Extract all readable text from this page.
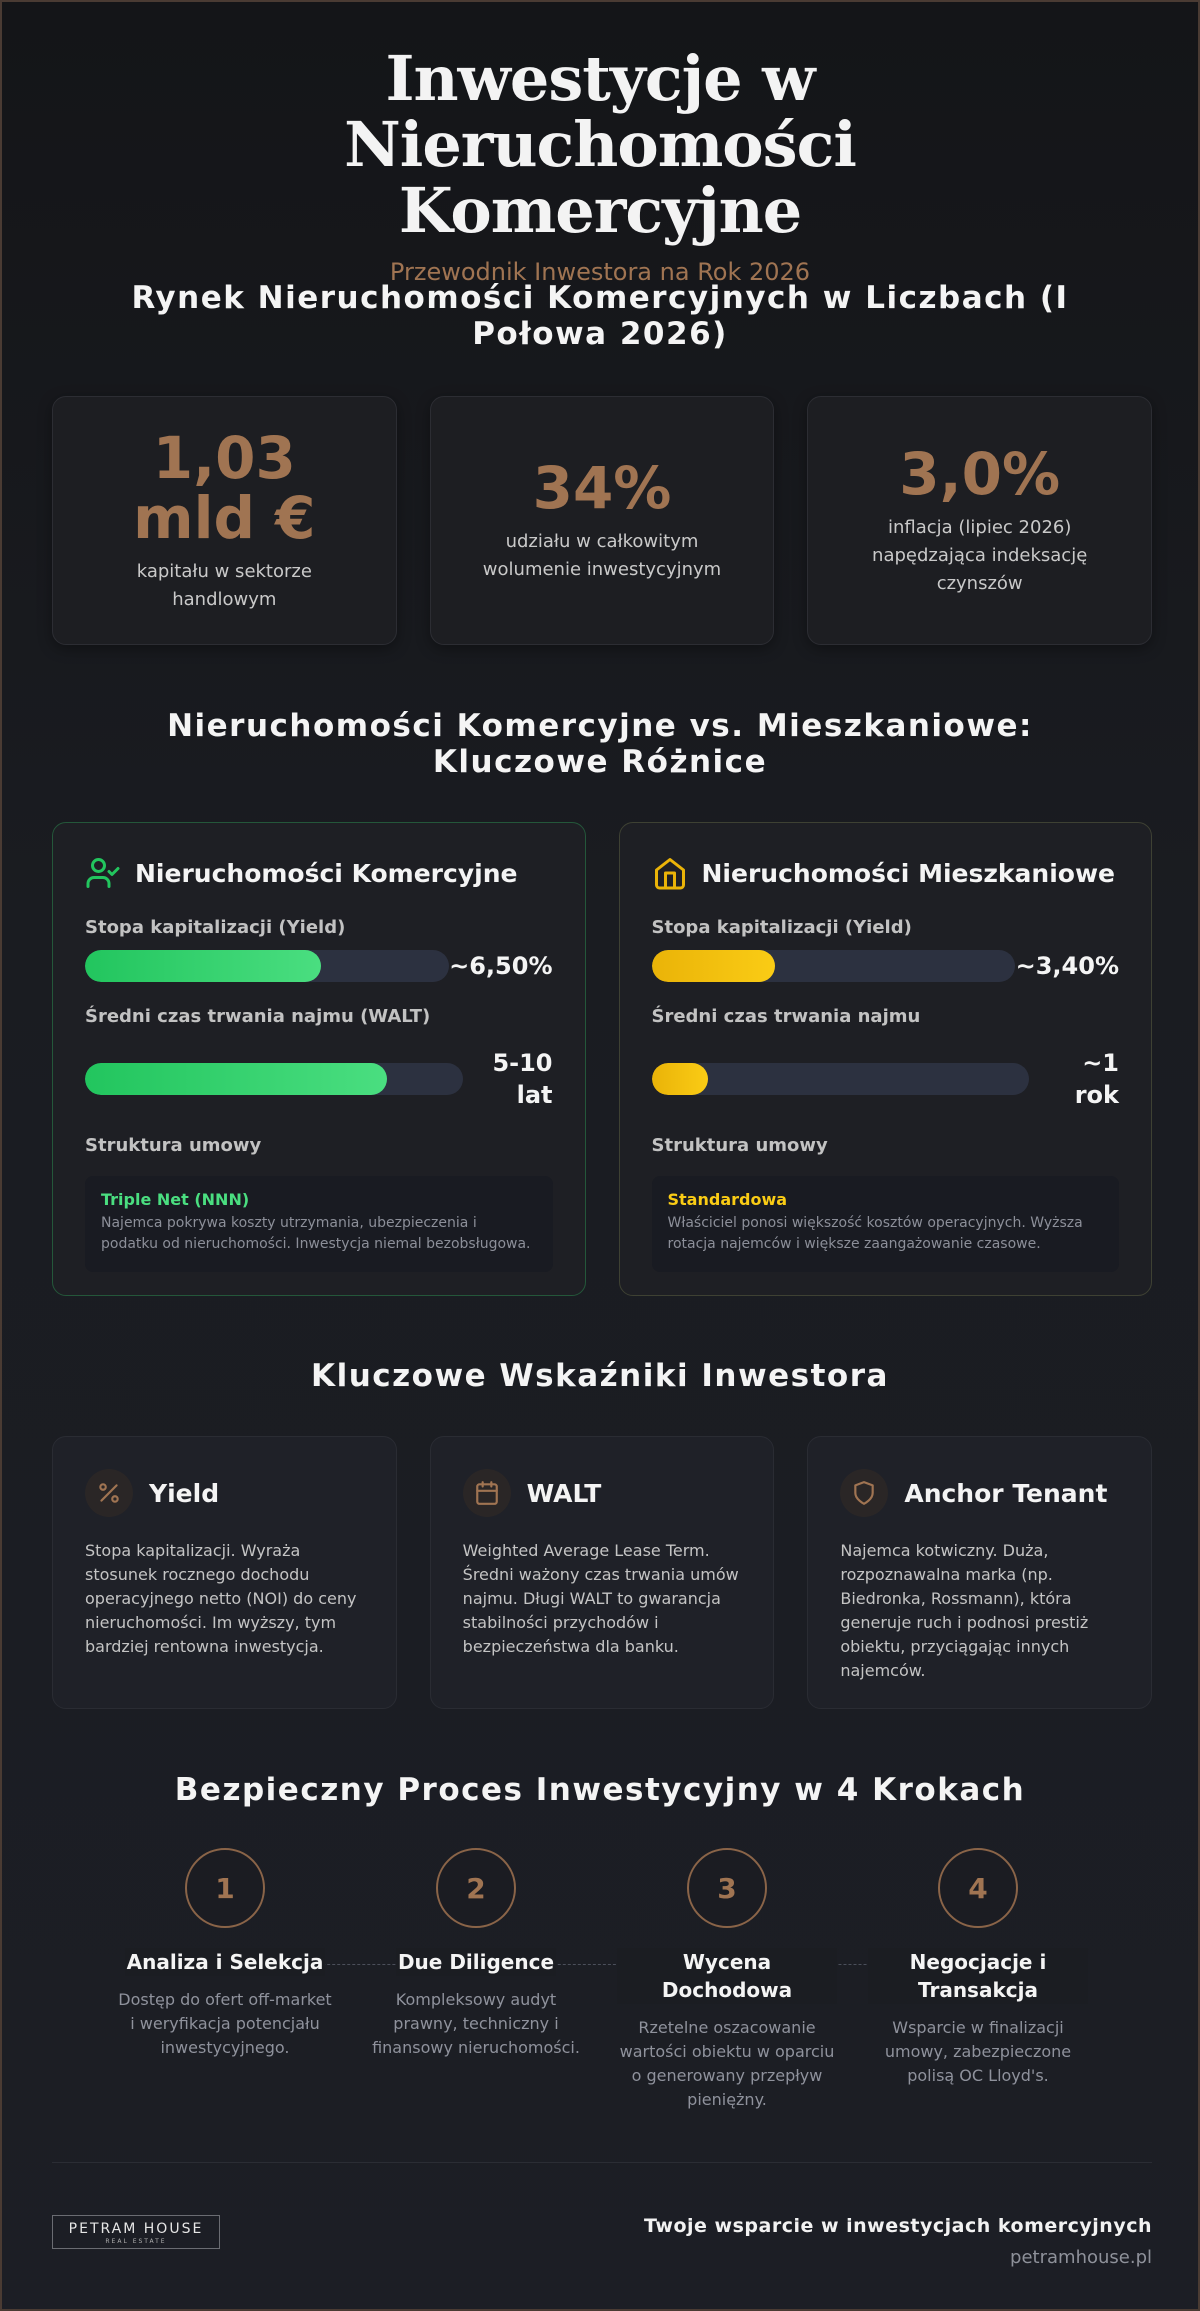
Inwestycje w Nieruchomości Komercyjne
Przewodnik Inwestora na Rok 2026
Rynek Nieruchomości Komercyjnych w Liczbach (I Połowa 2026)
1,03 mld €
kapitału w sektorze handlowym
34%
udziału w całkowitym wolumenie inwestycyjnym
3,0%
inflacja (lipiec 2026) napędzająca indeksację czynszów
Nieruchomości Komercyjne vs. Mieszkaniowe: Kluczowe Różnice
Nieruchomości Komercyjne
Stopa kapitalizacji (Yield)
~6,50%
Średni czas trwania najmu (WALT)
5-10 lat
Struktura umowy
Triple Net (NNN)
Najemca pokrywa koszty utrzymania, ubezpieczenia i podatku od nieruchomości. Inwestycja niemal bezobsługowa.
Nieruchomości Mieszkaniowe
Stopa kapitalizacji (Yield)
~3,40%
Średni czas trwania najmu
~1 rok
Struktura umowy
Standardowa
Właściciel ponosi większość kosztów operacyjnych. Wyższa rotacja najemców i większe zaangażowanie czasowe.
Kluczowe Wskaźniki Inwestora
Yield

Stopa kapitalizacji. Wyraża stosunek rocznego dochodu operacyjnego netto (NOI) do ceny nieruchomości. Im wyższy, tym bardziej rentowna inwestycja.

WALT

Weighted Average Lease Term. Średni ważony czas trwania umów najmu. Długi WALT to gwarancja stabilności przychodów i bezpieczeństwa dla banku.

Anchor Tenant

Najemca kotwiczny. Duża, rozpoznawalna marka (np. Biedronka, Rossmann), która generuje ruch i podnosi prestiż obiektu, przyciągając innych najemców.

Bezpieczny Proces Inwestycyjny w 4 Krokach
1
Analiza i Selekcja
Dostęp do ofert off-market i weryfikacja potencjału inwestycyjnego.
2
Due Diligence
Kompleksowy audyt prawny, techniczny i finansowy nieruchomości.
3
Wycena Dochodowa
Rzetelne oszacowanie wartości obiektu w oparciu o generowany przepływ pieniężny.
4
Negocjacje i Transakcja
Wsparcie w finalizacji umowy, zabezpieczone polisą OC Lloyd's.
PETRAM HOUSE
REAL ESTATE
Twoje wsparcie w inwestycjach komercyjnych
petramhouse.pl
